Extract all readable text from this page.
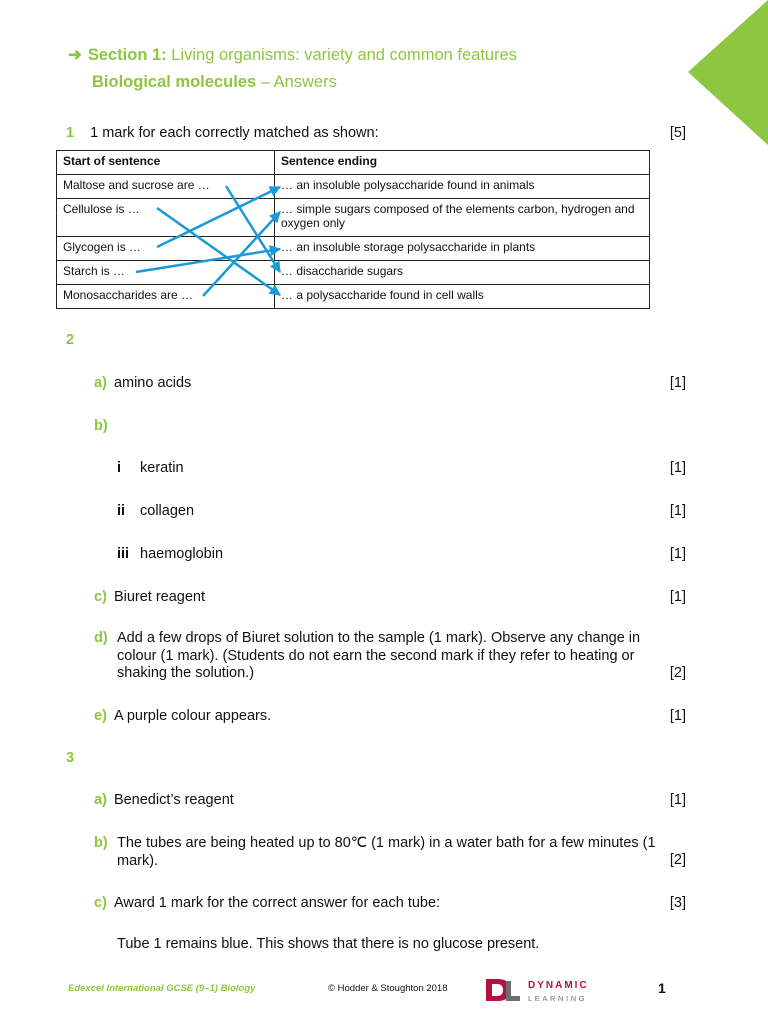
➜ Section 1: Living organisms: variety and common features
Biological molecules – Answers
1 1 mark for each correctly matched as shown:	[5]
Start of sentence	Sentence ending
Maltose and sucrose are …	… an insoluble polysaccharide found in animals
Cellulose is …	… simple sugars composed of the elements carbon, hydrogen and oxygen only
Glycogen is …	… an insoluble storage polysaccharide in plants
Starch is …	… disaccharide sugars
Monosaccharides are …	… a polysaccharide found in cell walls
2
a) amino acids	[1]
b)
i keratin	[1]
ii collagen	[1]
iii haemoglobin	[1]
c) Biuret reagent	[1]
d) Add a few drops of Biuret solution to the sample (1 mark). Observe any change in colour (1 mark). (Students do not earn the second mark if they refer to heating or shaking the solution.)	[2]
e) A purple colour appears.	[1]
3
a) Benedict’s reagent	[1]
b) The tubes are being heated up to 80℃ (1 mark) in a water bath for a few minutes (1 mark).	[2]
c) Award 1 mark for the correct answer for each tube:	[3]
Tube 1 remains blue. This shows that there is no glucose present.
Edexcel International GCSE (9–1) Biology	© Hodder & Stoughton 2018	DYNAMIC
LEARNING
1
